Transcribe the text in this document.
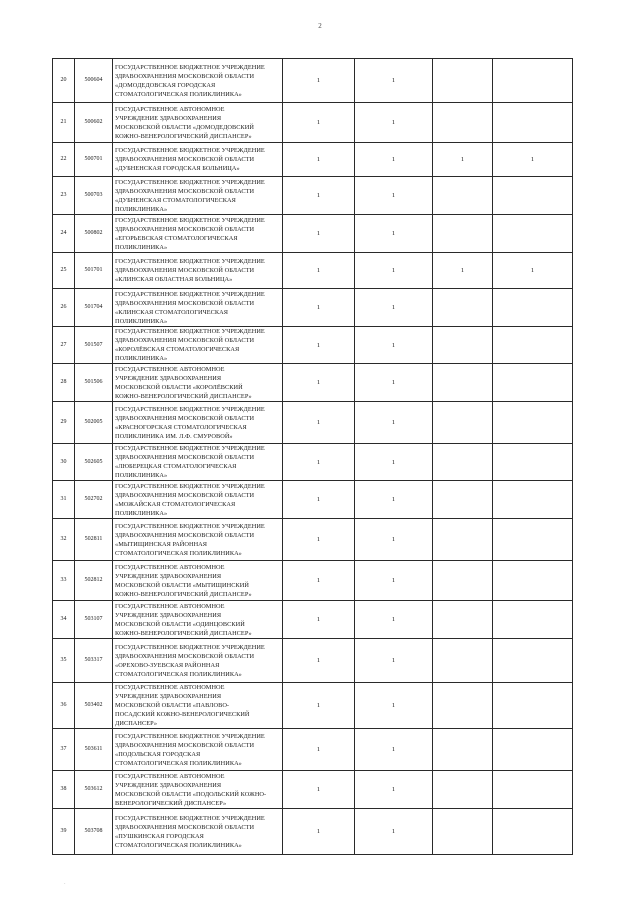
2
20	500604	ГОСУДАРСТВЕННОЕ БЮДЖЕТНОЕ УЧРЕЖДЕНИЕ
ЗДРАВООХРАНЕНИЯ МОСКОВСКОЙ ОБЛАСТИ
«ДОМОДЕДОВСКАЯ ГОРОДСКАЯ
СТОМАТОЛОГИЧЕСКАЯ ПОЛИКЛИНИКА»	1	1			
21	500602	ГОСУДАРСТВЕННОЕ АВТОНОМНОЕ
УЧРЕЖДЕНИЕ ЗДРАВООХРАНЕНИЯ
МОСКОВСКОЙ ОБЛАСТИ «ДОМОДЕДОВСКИЙ
КОЖНО-ВЕНЕРОЛОГИЧЕСКИЙ ДИСПАНСЕР»	1	1			
22	500701	ГОСУДАРСТВЕННОЕ БЮДЖЕТНОЕ УЧРЕЖДЕНИЕ
ЗДРАВООХРАНЕНИЯ МОСКОВСКОЙ ОБЛАСТИ
«ДУБНЕНСКАЯ ГОРОДСКАЯ БОЛЬНИЦА»	1	1	1	1	
23	500703	ГОСУДАРСТВЕННОЕ БЮДЖЕТНОЕ УЧРЕЖДЕНИЕ
ЗДРАВООХРАНЕНИЯ МОСКОВСКОЙ ОБЛАСТИ
«ДУБНЕНСКАЯ СТОМАТОЛОГИЧЕСКАЯ
ПОЛИКЛИНИКА»	1	1			
24	500802	ГОСУДАРСТВЕННОЕ БЮДЖЕТНОЕ УЧРЕЖДЕНИЕ
ЗДРАВООХРАНЕНИЯ МОСКОВСКОЙ ОБЛАСТИ
«ЕГОРЬЕВСКАЯ СТОМАТОЛОГИЧЕСКАЯ
ПОЛИКЛИНИКА»	1	1			
25	501701	ГОСУДАРСТВЕННОЕ БЮДЖЕТНОЕ УЧРЕЖДЕНИЕ
ЗДРАВООХРАНЕНИЯ МОСКОВСКОЙ ОБЛАСТИ
«КЛИНСКАЯ ОБЛАСТНАЯ БОЛЬНИЦА»	1	1	1	1	
26	501704	ГОСУДАРСТВЕННОЕ БЮДЖЕТНОЕ УЧРЕЖДЕНИЕ
ЗДРАВООХРАНЕНИЯ МОСКОВСКОЙ ОБЛАСТИ
«КЛИНСКАЯ СТОМАТОЛОГИЧЕСКАЯ
ПОЛИКЛИНИКА»	1	1			
27	501507	ГОСУДАРСТВЕННОЕ БЮДЖЕТНОЕ УЧРЕЖДЕНИЕ
ЗДРАВООХРАНЕНИЯ МОСКОВСКОЙ ОБЛАСТИ
«КОРОЛЁВСКАЯ СТОМАТОЛОГИЧЕСКАЯ
ПОЛИКЛИНИКА»	1	1			
28	501506	ГОСУДАРСТВЕННОЕ АВТОНОМНОЕ
УЧРЕЖДЕНИЕ ЗДРАВООХРАНЕНИЯ
МОСКОВСКОЙ ОБЛАСТИ «КОРОЛЁВСКИЙ
КОЖНО-ВЕНЕРОЛОГИЧЕСКИЙ ДИСПАНСЕР»	1	1			
29	502005	ГОСУДАРСТВЕННОЕ БЮДЖЕТНОЕ УЧРЕЖДЕНИЕ
ЗДРАВООХРАНЕНИЯ МОСКОВСКОЙ ОБЛАСТИ
«КРАСНОГОРСКАЯ СТОМАТОЛОГИЧЕСКАЯ
ПОЛИКЛИНИКА ИМ. Л.Ф. СМУРОВОЙ»	1	1			
30	502605	ГОСУДАРСТВЕННОЕ БЮДЖЕТНОЕ УЧРЕЖДЕНИЕ
ЗДРАВООХРАНЕНИЯ МОСКОВСКОЙ ОБЛАСТИ
«ЛЮБЕРЕЦКАЯ СТОМАТОЛОГИЧЕСКАЯ
ПОЛИКЛИНИКА»	1	1			
31	502702	ГОСУДАРСТВЕННОЕ БЮДЖЕТНОЕ УЧРЕЖДЕНИЕ
ЗДРАВООХРАНЕНИЯ МОСКОВСКОЙ ОБЛАСТИ
«МОЖАЙСКАЯ СТОМАТОЛОГИЧЕСКАЯ
ПОЛИКЛИНИКА»	1	1			
32	502811	ГОСУДАРСТВЕННОЕ БЮДЖЕТНОЕ УЧРЕЖДЕНИЕ
ЗДРАВООХРАНЕНИЯ МОСКОВСКОЙ ОБЛАСТИ
«МЫТИЩИНСКАЯ РАЙОННАЯ
СТОМАТОЛОГИЧЕСКАЯ ПОЛИКЛИНИКА»	1	1			
33	502812	ГОСУДАРСТВЕННОЕ АВТОНОМНОЕ
УЧРЕЖДЕНИЕ ЗДРАВООХРАНЕНИЯ
МОСКОВСКОЙ ОБЛАСТИ «МЫТИЩИНСКИЙ
КОЖНО-ВЕНЕРОЛОГИЧЕСКИЙ ДИСПАНСЕР»	1	1			
34	503107	ГОСУДАРСТВЕННОЕ АВТОНОМНОЕ
УЧРЕЖДЕНИЕ ЗДРАВООХРАНЕНИЯ
МОСКОВСКОЙ ОБЛАСТИ «ОДИНЦОВСКИЙ
КОЖНО-ВЕНЕРОЛОГИЧЕСКИЙ ДИСПАНСЕР»	1	1			
35	503317	ГОСУДАРСТВЕННОЕ БЮДЖЕТНОЕ УЧРЕЖДЕНИЕ
ЗДРАВООХРАНЕНИЯ МОСКОВСКОЙ ОБЛАСТИ
«ОРЕХОВО-ЗУЕВСКАЯ РАЙОННАЯ
СТОМАТОЛОГИЧЕСКАЯ ПОЛИКЛИНИКА»	1	1			
36	503402	ГОСУДАРСТВЕННОЕ АВТОНОМНОЕ
УЧРЕЖДЕНИЕ ЗДРАВООХРАНЕНИЯ
МОСКОВСКОЙ ОБЛАСТИ «ПАВЛОВО-
ПОСАДСКИЙ КОЖНО-ВЕНЕРОЛОГИЧЕСКИЙ
ДИСПАНСЕР»	1	1			
37	503611	ГОСУДАРСТВЕННОЕ БЮДЖЕТНОЕ УЧРЕЖДЕНИЕ
ЗДРАВООХРАНЕНИЯ МОСКОВСКОЙ ОБЛАСТИ
«ПОДОЛЬСКАЯ ГОРОДСКАЯ
СТОМАТОЛОГИЧЕСКАЯ ПОЛИКЛИНИКА»	1	1			
38	503612	ГОСУДАРСТВЕННОЕ АВТОНОМНОЕ
УЧРЕЖДЕНИЕ ЗДРАВООХРАНЕНИЯ
МОСКОВСКОЙ ОБЛАСТИ «ПОДОЛЬСКИЙ КОЖНО-
ВЕНЕРОЛОГИЧЕСКИЙ ДИСПАНСЕР»	1	1			
39	503708	ГОСУДАРСТВЕННОЕ БЮДЖЕТНОЕ УЧРЕЖДЕНИЕ
ЗДРАВООХРАНЕНИЯ МОСКОВСКОЙ ОБЛАСТИ
«ПУШКИНСКАЯ ГОРОДСКАЯ
СТОМАТОЛОГИЧЕСКАЯ ПОЛИКЛИНИКА»	1	1			
·
